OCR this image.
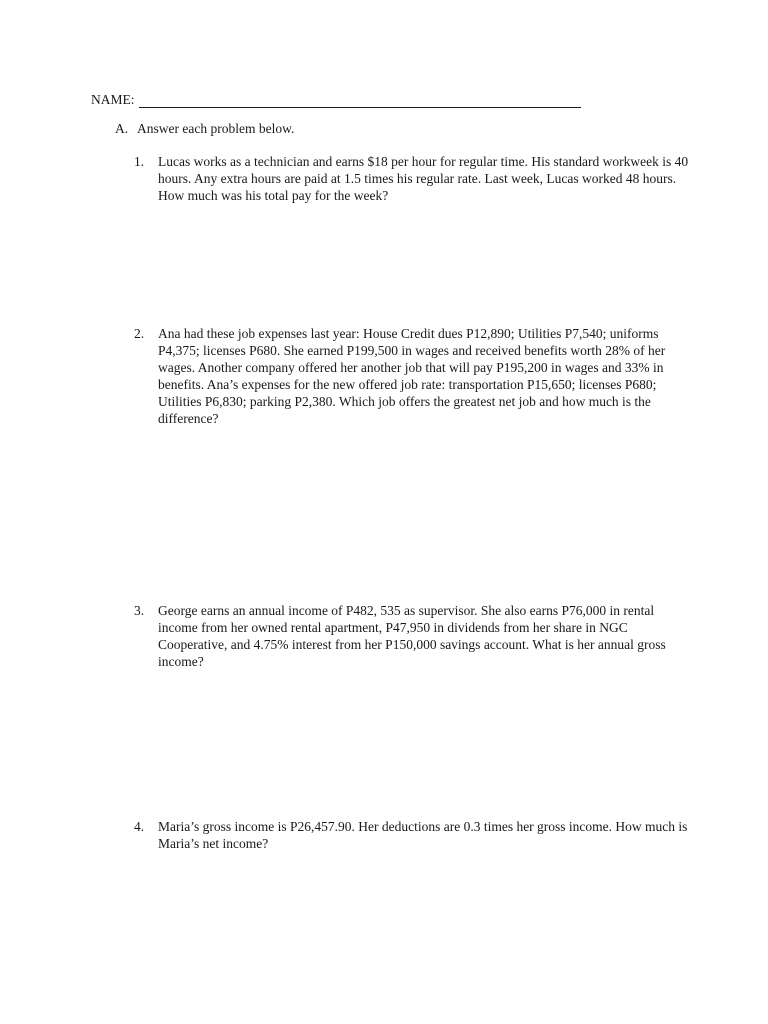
NAME:
A. Answer each problem below.
1.	Lucas works as a technician and earns $18 per hour for regular time. His standard workweek is 40 hours. Any extra hours are paid at 1.5 times his regular rate. Last week, Lucas worked 48 hours. How much was his total pay for the week?
2.	Ana had these job expenses last year: House Credit dues P12,890; Utilities P7,540; uniforms P4,375; licenses P680. She earned P199,500 in wages and received benefits worth 28% of her wages. Another company offered her another job that will pay P195,200 in wages and 33% in benefits. Ana’s expenses for the new offered job rate: transportation P15,650; licenses P680; Utilities P6,830; parking P2,380. Which job offers the greatest net job and how much is the difference?
3.	George earns an annual income of P482, 535 as supervisor. She also earns P76,000 in rental income from her owned rental apartment, P47,950 in dividends from her share in NGC Cooperative, and 4.75% interest from her P150,000 savings account. What is her annual gross income?
4.	Maria’s gross income is P26,457.90. Her deductions are 0.3 times her gross income. How much is Maria’s net income?
